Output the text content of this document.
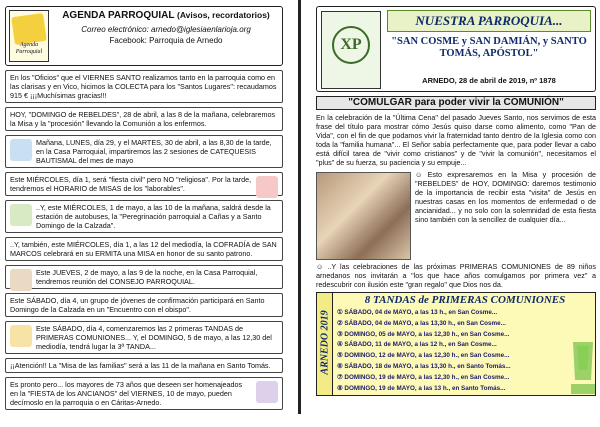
Agenda Parroquial
AGENDA PARROQUIAL (Avisos, recordatorios)
Correo electrónico: arnedo@iglesiaenlarioja.org
Facebook: Parroquia de Arnedo
En los "Oficios" que el VIERNES SANTO realizamos tanto en la parroquia como en las clarisas y en Vico, hicimos la COLECTA para los "Santos Lugares": recaudamos 915 € ¡¡¡Muchísimas gracias!!!
HOY, "DOMINGO de REBELDES", 28 de abril, a las 8 de la mañana, celebraremos la Misa y la "procesión" llevando la Comunión a los enfermos.
Mañana, LUNES, día 29, y el MARTES, 30 de abril, a las 8,30 de la tarde, en la Casa Parroquial, impartiremos las 2 sesiones de CATEQUESIS BAUTISMAL del mes de mayo
Este MIÉRCOLES, día 1, será "fiesta civil" pero NO "religiosa". Por la tarde, tendremos el HORARIO de MISAS de los "laborables".
..Y, este MIÉRCOLES, 1 de mayo, a las 10 de la mañana, saldrá desde la estación de autobuses, la "Peregrinación parroquial a Cañas y a Santo Domingo de la Calzada".
..Y, también, este MIÉRCOLES, día 1, a las 12 del mediodía, la COFRADÍA de SAN MARCOS celebrará en su ERMITA una MISA en honor de su santo patrono.
Este JUEVES, 2 de mayo, a las 9 de la noche, en la Casa Parroquial, tendremos reunión del CONSEJO PARROQUIAL.
Este SÁBADO, día 4, un grupo de jóvenes de confirmación participará en Santo Domingo de la Calzada en un "Encuentro con el obispo".
Este SÁBADO, día 4, comenzaremos las 2 primeras TANDAS de PRIMERAS COMUNIONES... Y, el DOMINGO, 5 de mayo, a las 12,30 del mediodía, tendrá lugar la 3ª TANDA...
¡¡Atención!! La "Misa de las familias" será a las 11 de la mañana en Santo Tomás.
Es pronto pero... los mayores de 73 años que deseen ser homenajeados en la "FIESTA de los ANCIANOS" del VIERNES, 10 de mayo, pueden decírnoslo en la parroquia o en Cáritas-Arnedo.
XP
NUESTRA PARROQUIA...
"SAN COSME y SAN DAMIÁN, y SANTO TOMÁS, APÓSTOL"
ARNEDO, 28 de abril de 2019, nº 1878
"COMULGAR para poder vivir la COMUNIÓN"

En la celebración de la "Última Cena" del pasado Jueves Santo, nos servimos de esta frase del título para mostrar cómo Jesús quiso darse como alimento, como "Pan de Vida", con el fin de que podamos vivir la fraternidad tanto dentro de la Iglesia como con toda la "familia humana"... El Señor sabía perfectamente que, para poder llevar a cabo está difícil tarea de "vivir como cristianos" y de "vivir la comunión", necesitamos el "plus" de su fuerza, su paciencia y su empuje...

☺ Esto expresaremos en la Misa y procesión de "REBELDES" de HOY, DOMINGO: daremos testimonio de la importancia de recibir esta "visita" de Jesús en nuestras casas en los momentos de enfermedad o de ancianidad... y no solo con la solemnidad de esta fiesta sino también con la sencillez de cualquier día...

☺ ..Y las celebraciones de las próximas PRIMERAS COMUNIONES de 89 niños arnedanos nos invitarán a "los que hace años comulgamos por primera vez" a redescubrir con ilusión este "gran regalo" que Dios nos da.

ARNEDO 2019
8 TANDAS de PRIMERAS COMUNIONES
① SÁBADO, 04 de MAYO, a las 13 h., en San Cosme...
② SÁBADO, 04 de MAYO, a las 13,30 h., en San Cosme...
③ DOMINGO, 05 de MAYO, a las 12,30 h., en San Cosme...
④ SÁBADO, 11 de MAYO, a las 12 h., en San Cosme...
⑤ DOMINGO, 12 de MAYO, a las 12,30 h., en San Cosme...
⑥ SÁBADO, 18 de MAYO, a las 13,30 h., en Santo Tomás...
⑦ DOMINGO, 19 de MAYO, a las 12,30 h., en San Cosme...
⑧ DOMINGO, 19 de MAYO, a las 13 h., en Santo Tomás...
